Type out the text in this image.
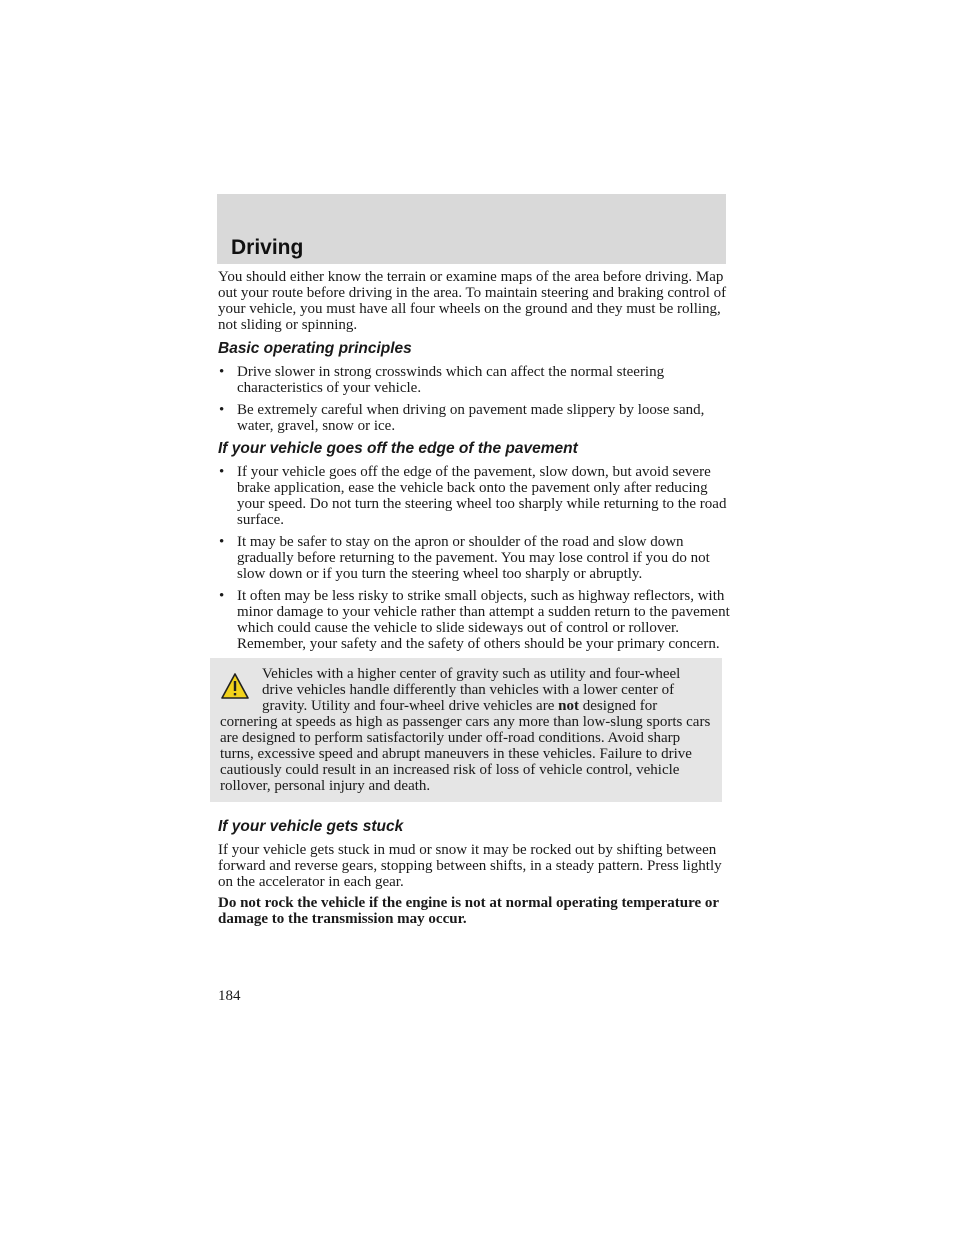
Driving

You should either know the terrain or examine maps of the area before driving. Map out your route before driving in the area. To maintain steering and braking control of your vehicle, you must have all four wheels on the ground and they must be rolling, not sliding or spinning.

Basic operating principles
• Drive slower in strong crosswinds which can affect the normal steering characteristics of your vehicle.
• Be extremely careful when driving on pavement made slippery by loose sand, water, gravel, snow or ice.
If your vehicle goes off the edge of the pavement
• If your vehicle goes off the edge of the pavement, slow down, but avoid severe brake application, ease the vehicle back onto the pavement only after reducing your speed. Do not turn the steering wheel too sharply while returning to the road surface.
• It may be safer to stay on the apron or shoulder of the road and slow down gradually before returning to the pavement. You may lose control if you do not slow down or if you turn the steering wheel too sharply or abruptly.
• It often may be less risky to strike small objects, such as highway reflectors, with minor damage to your vehicle rather than attempt a sudden return to the pavement which could cause the vehicle to slide sideways out of control or rollover. Remember, your safety and the safety of others should be your primary concern.

Vehicles with a higher center of gravity such as utility and four-wheel drive vehicles handle differently than vehicles with a lower center of gravity. Utility and four-wheel drive vehicles are not designed for cornering at speeds as high as passenger cars any more than low-slung sports cars are designed to perform satisfactorily under off-road conditions. Avoid sharp turns, excessive speed and abrupt maneuvers in these vehicles. Failure to drive cautiously could result in an increased risk of loss of vehicle control, vehicle rollover, personal injury and death.

If your vehicle gets stuck

If your vehicle gets stuck in mud or snow it may be rocked out by shifting between forward and reverse gears, stopping between shifts, in a steady pattern. Press lightly on the accelerator in each gear.

Do not rock the vehicle if the engine is not at normal operating temperature or damage to the transmission may occur.

184
